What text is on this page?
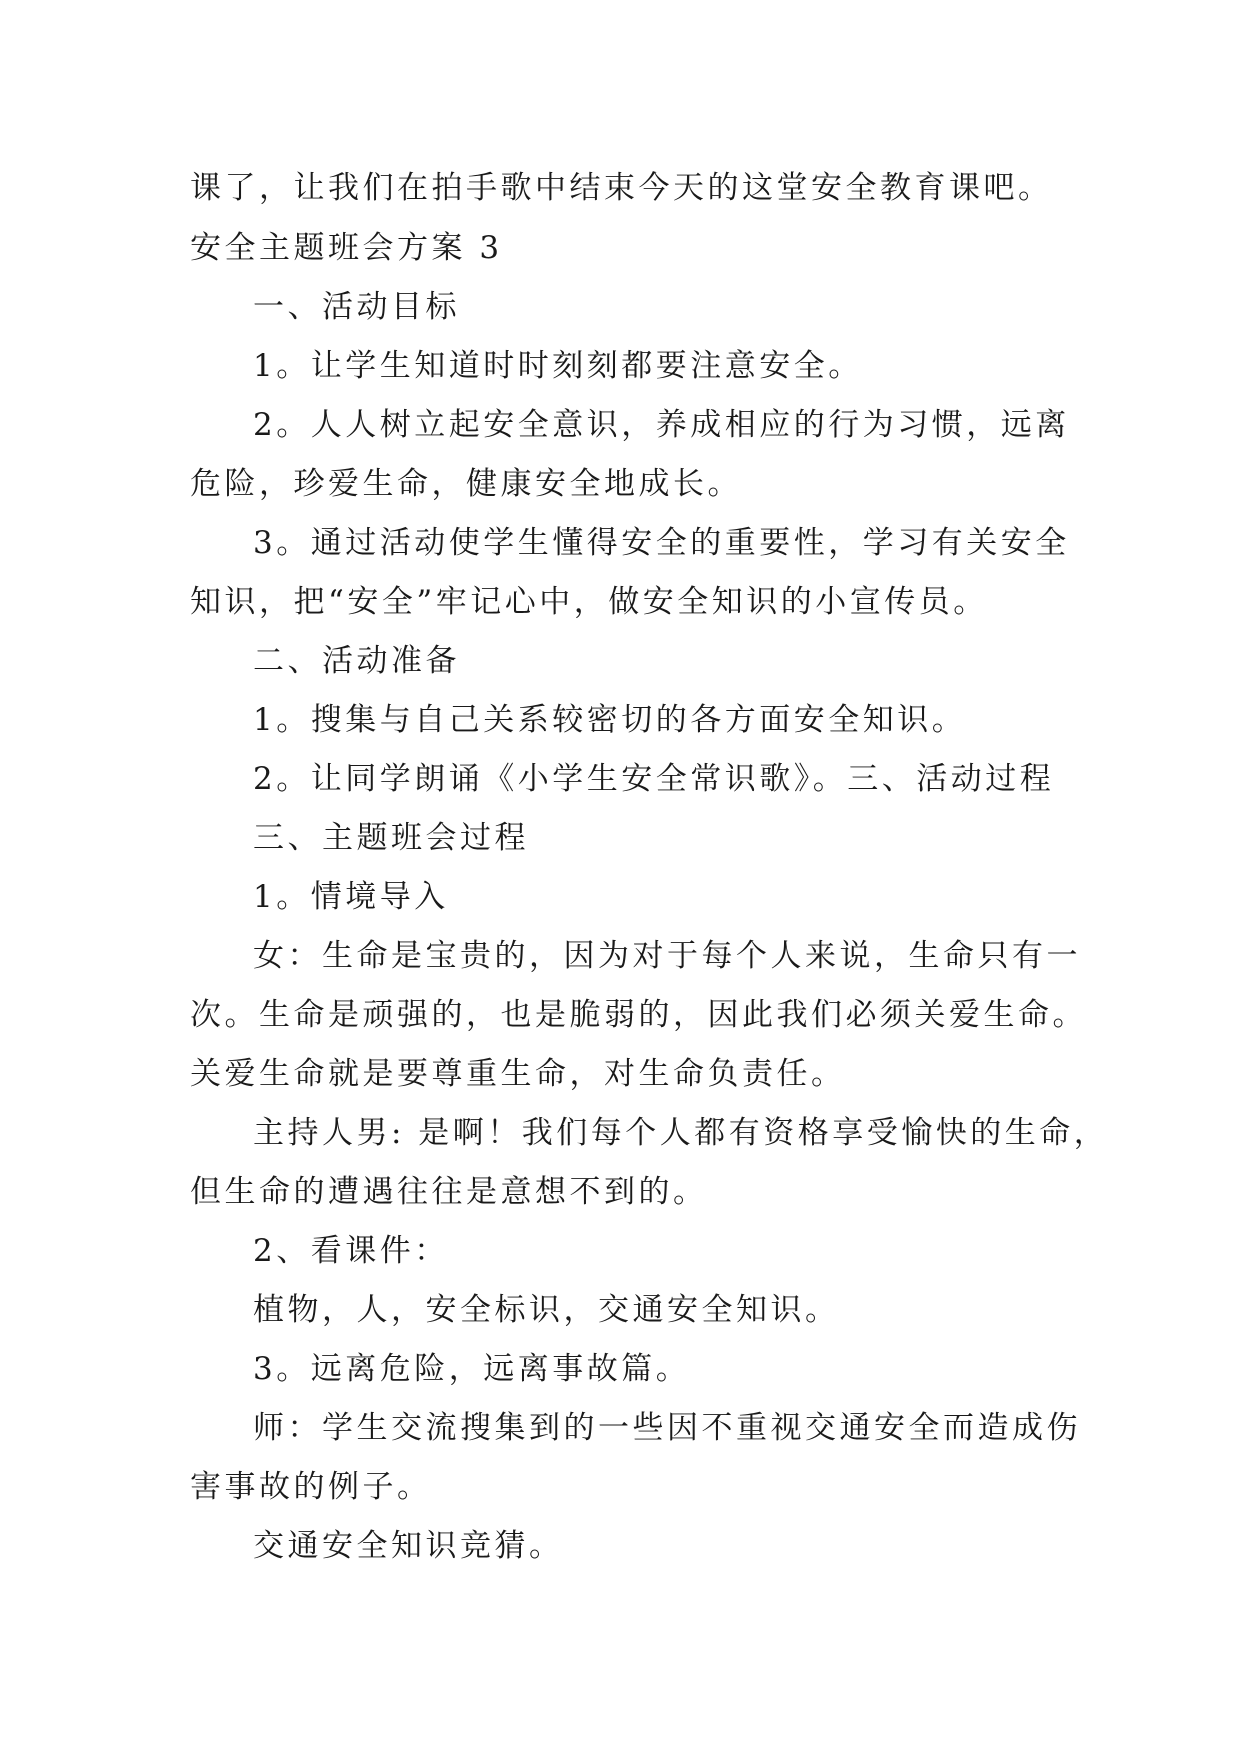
课了，让我们在拍手歌中结束今天的这堂安全教育课吧。
安全主题班会方案 3
一、活动目标
1。让学生知道时时刻刻都要注意安全。
2。人人树立起安全意识，养成相应的行为习惯，远离
危险，珍爱生命，健康安全地成长。
3。通过活动使学生懂得安全的重要性，学习有关安全
知识，把“安全”牢记心中，做安全知识的小宣传员。
二、活动准备
1。搜集与自己关系较密切的各方面安全知识。
2。让同学朗诵《小学生安全常识歌》。三、活动过程
三、主题班会过程
1。情境导入
女：生命是宝贵的，因为对于每个人来说，生命只有一
次。生命是顽强的，也是脆弱的，因此我们必须关爱生命。
关爱生命就是要尊重生命，对生命负责任。
主持人男: 是啊！我们每个人都有资格享受愉快的生命，
但生命的遭遇往往是意想不到的。
2、看课件：
植物，人，安全标识，交通安全知识。
3。远离危险，远离事故篇。
师：学生交流搜集到的一些因不重视交通安全而造成伤
害事故的例子。
交通安全知识竞猜。
